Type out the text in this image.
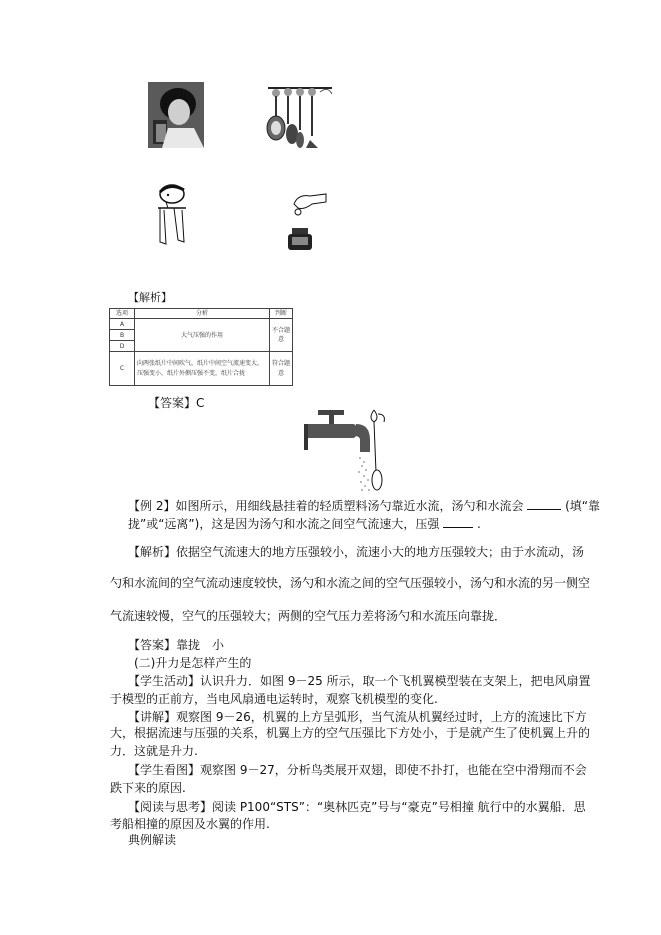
【解析】
选项	分析	判断
A	大气压强的作用	不合题意
B		
D		
C	向两张纸片中间吹气，纸片中间空气流速变大，压强变小，纸片外侧压强不变，纸片合拢	符合题意
【答案】C
【例 2】如图所示，用细线悬挂着的轻质塑料汤勺靠近水流，汤勺和水流会	(填“靠
拢”或“远离”)，这是因为汤勺和水流之间空气流速大，压强	.
【解析】依据空气流速大的地方压强较小，流速小大的地方压强较大；由于水流动，汤
勺和水流间的空气流动速度较快，汤勺和水流之间的空气压强较小，汤勺和水流的另一侧空
气流速较慢，空气的压强较大；两侧的空气压力差将汤勺和水流压向靠拢．
【答案】靠拢　小
(二)升力是怎样产生的
【学生活动】认识升力．如图 9－25 所示，取一个飞机翼模型装在支架上，把电风扇置
于模型的正前方，当电风扇通电运转时，观察飞机模型的变化.
【讲解】观察图 9－26，机翼的上方呈弧形，当气流从机翼经过时，上方的流速比下方
大，根据流速与压强的关系，机翼上方的空气压强比下方处小，于是就产生了使机翼上升的
力．这就是升力.
【学生看图】观察图 9－27，分析鸟类展开双翅，即使不扑打，也能在空中滑翔而不会
跌下来的原因.
【阅读与思考】阅读 P100“STS”：“奥林匹克”号与“豪克”号相撞 航行中的水翼船．思
考船相撞的原因及水翼的作用.
典例解读
